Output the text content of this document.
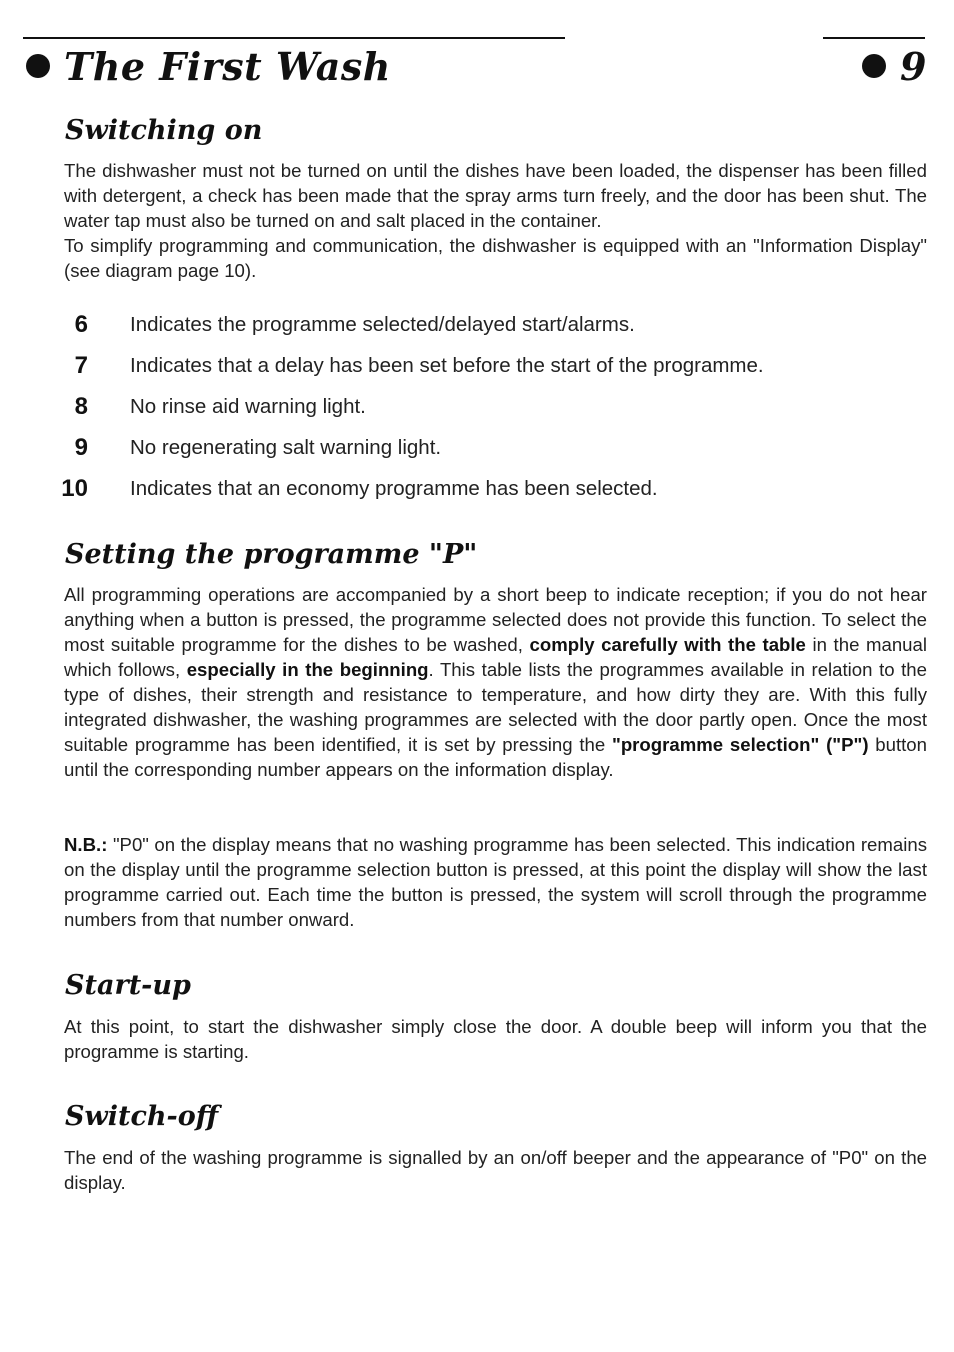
The First Wash	9
Switching on

The dishwasher must not be turned on until the dishes have been loaded, the dispenser has been filled with detergent, a check has been made that the spray arms turn freely, and the door has been shut. The water tap must also be turned on and salt placed in the container.
To simplify programming and communication, the dishwasher is equipped with an "Information Display" (see diagram page 10).

6 Indicates the programme selected/delayed start/alarms.
7 Indicates that a delay has been set before the start of the programme.
8 No rinse aid warning light.
9 No regenerating salt warning light.
10 Indicates that an economy programme has been selected.
Setting the programme "P"

All programming operations are accompanied by a short beep to indicate reception; if you do not hear anything when a button is pressed, the programme selected does not provide this function. To select the most suitable programme for the dishes to be washed, comply carefully with the table in the manual which follows, especially in the beginning. This table lists the programmes available in relation to the type of dishes, their strength and resistance to temperature, and how dirty they are. With this fully integrated dishwasher, the washing programmes are selected with the door partly open. Once the most suitable programme has been identified, it is set by pressing the "programme selection" ("P") button until the corresponding number appears on the information display.

N.B.: "P0" on the display means that no washing programme has been selected. This indication remains on the display until the programme selection button is pressed, at this point the display will show the last programme carried out. Each time the button is pressed, the system will scroll through the programme numbers from that number onward.

Start-up

At this point, to start the dishwasher simply close the door. A double beep will inform you that the programme is starting.

Switch-off

The end of the washing programme is signalled by an on/off beeper and the appearance of "P0" on the display.
